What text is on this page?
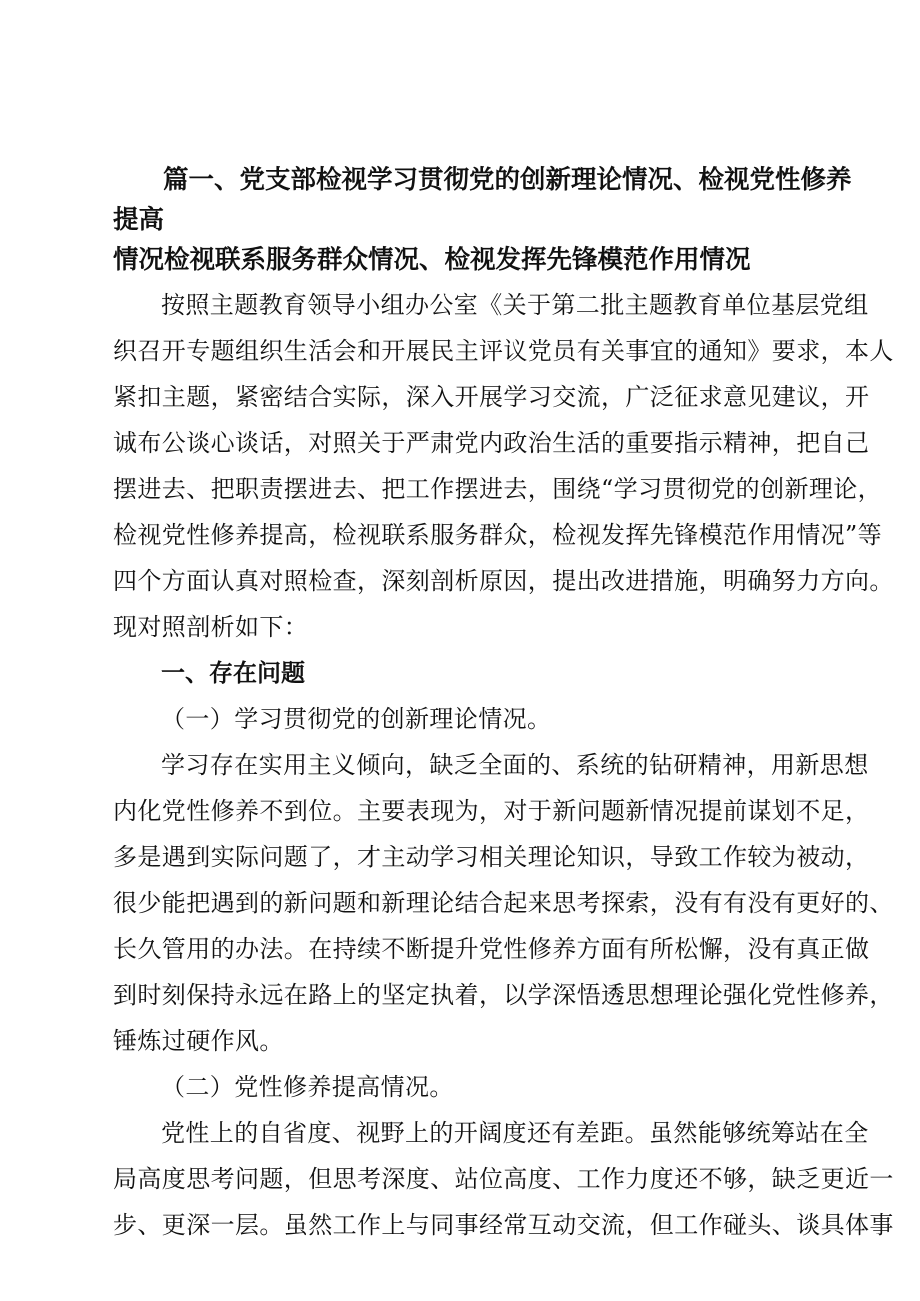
篇一、党支部检视学习贯彻党的创新理论情况、检视党性修养提高
情况检视联系服务群众情况、检视发挥先锋模范作用情况
按照主题教育领导小组办公室《关于第二批主题教育单位基层党组
织召开专题组织生活会和开展民主评议党员有关事宜的通知》要求，本人
紧扣主题，紧密结合实际，深入开展学习交流，广泛征求意见建议，开
诚布公谈心谈话，对照关于严肃党内政治生活的重要指示精神，把自己
摆进去、把职责摆进去、把工作摆进去，围绕“学习贯彻党的创新理论，
检视党性修养提高，检视联系服务群众，检视发挥先锋模范作用情况”等
四个方面认真对照检查，深刻剖析原因，提出改进措施，明确努力方向。
现对照剖析如下：
一、存在问题
（一）学习贯彻党的创新理论情况。
学习存在实用主义倾向，缺乏全面的、系统的钻研精神，用新思想
内化党性修养不到位。主要表现为，对于新问题新情况提前谋划不足，
多是遇到实际问题了，才主动学习相关理论知识，导致工作较为被动，
很少能把遇到的新问题和新理论结合起来思考探索，没有有没有更好的、
长久管用的办法。在持续不断提升党性修养方面有所松懈，没有真正做
到时刻保持永远在路上的坚定执着，以学深悟透思想理论强化党性修养，
锤炼过硬作风。
（二）党性修养提高情况。
党性上的自省度、视野上的开阔度还有差距。虽然能够统筹站在全
局高度思考问题，但思考深度、站位高度、工作力度还不够，缺乏更近一
步、更深一层。虽然工作上与同事经常互动交流，但工作碰头、谈具体事
